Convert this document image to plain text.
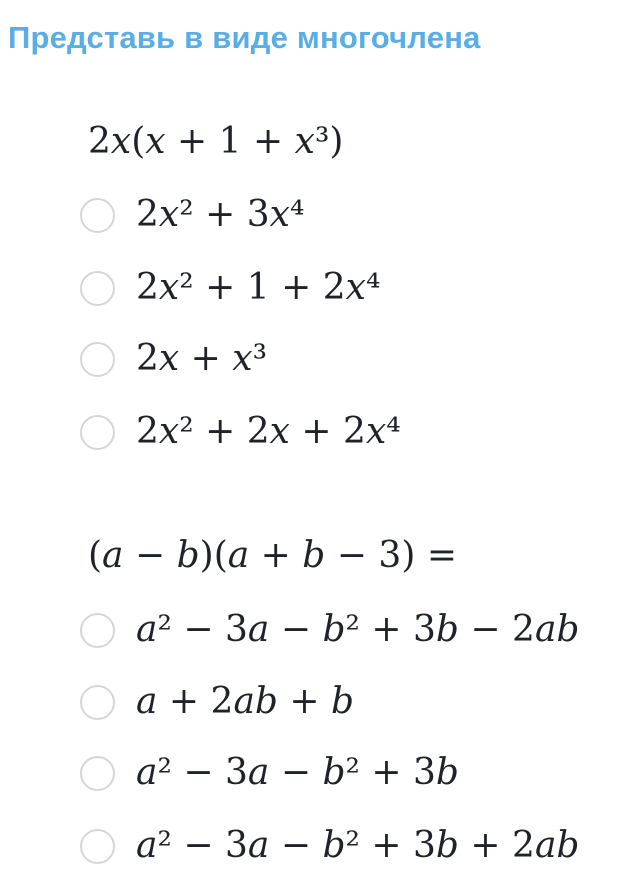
Представь в виде многочлена
2x(x + 1 + x³)
2x² + 3x⁴
2x² + 1 + 2x⁴
2x + x³
2x² + 2x + 2x⁴
(a − b)(a + b − 3) =
a² − 3a − b² + 3b − 2ab
a + 2ab + b
a² − 3a − b² + 3b
a² − 3a − b² + 3b + 2ab
